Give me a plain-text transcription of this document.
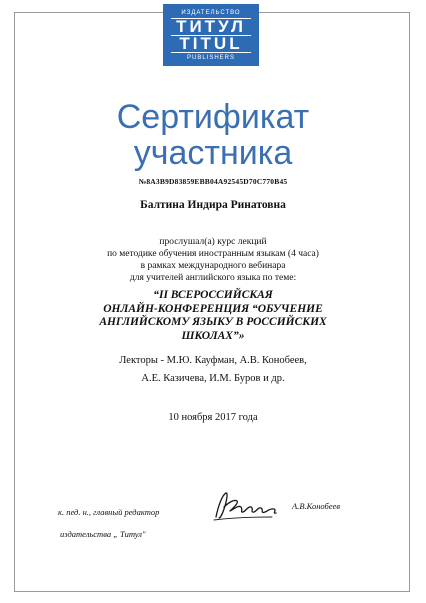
ИЗДАТЕЛЬСТВО
ТИТУЛ
TITUL
PUBLISHERS
Сертификат
участника
№8A3B9D83859EBB04A92545D70C770B45
Балтина Индира Ринатовна
прослушал(а) курс лекций
по методике обучения иностранным языкам (4 часа)
в рамках международного вебинара
для учителей английского языка по теме:
“II ВСЕРОССИЙСКАЯ
ОНЛАЙН-КОНФЕРЕНЦИЯ “ОБУЧЕНИЕ
АНГЛИЙСКОМУ ЯЗЫКУ В РОССИЙСКИХ
ШКОЛАХ”»
Лекторы - М.Ю. Кауфман, А.В. Конобеев,
А.Е. Казичева, И.М. Буров и др.
10 ноября 2017 года
к. пед. н., главный редактор
издательства „ Титул"
А.В.Конобеев
